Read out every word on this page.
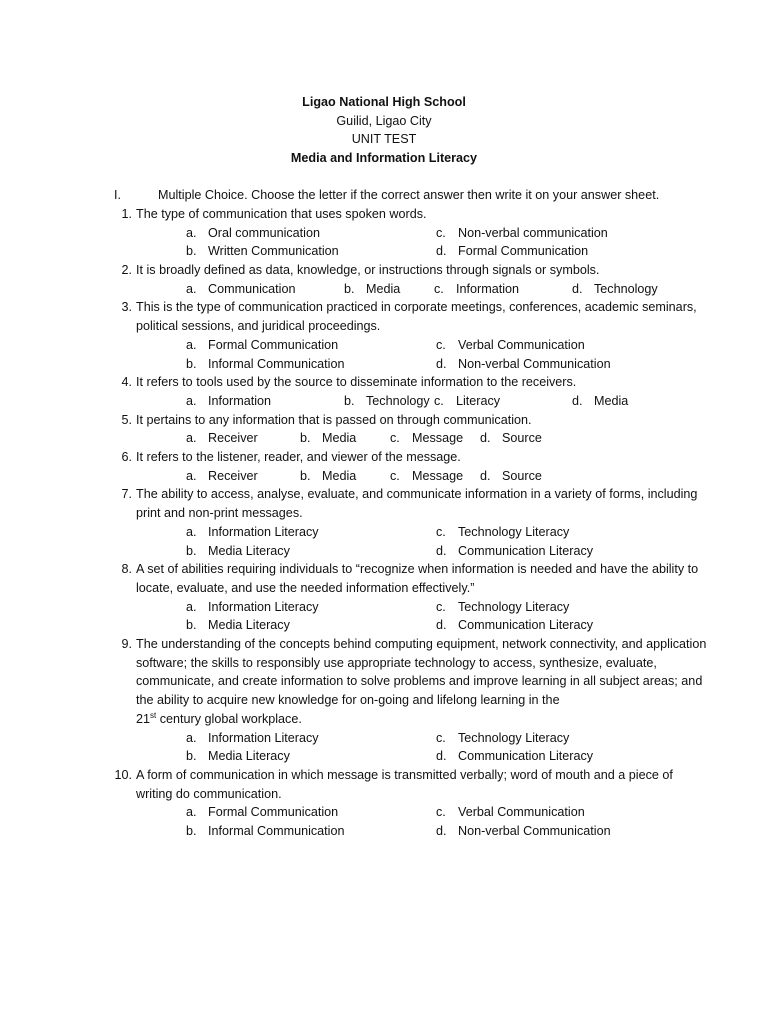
Ligao National High School
Guilid, Ligao City
UNIT TEST
Media and Information Literacy
I.	Multiple Choice. Choose the letter if the correct answer then write it on your answer sheet.
1. The type of communication that uses spoken words.
a. Oral communication	c. Non-verbal communication
b. Written Communication	d. Formal Communication
2. It is broadly defined as data, knowledge, or instructions through signals or symbols.
a. Communication	b. Media	c. Information	d. Technology
3. This is the type of communication practiced in corporate meetings, conferences, academic seminars, political sessions, and juridical proceedings.
a. Formal Communication	c. Verbal Communication
b. Informal Communication	d. Non-verbal Communication
4. It refers to tools used by the source to disseminate information to the receivers.
a. Information	b. Technology c. Literacy	d. Media
5. It pertains to any information that is passed on through communication.
a. Receiver	b. Media	c. Message d. Source
6. It refers to the listener, reader, and viewer of the message.
a. Receiver	b. Media	c. Message d. Source
7. The ability to access, analyse, evaluate, and communicate information in a variety of forms, including print and non-print messages.
a. Information Literacy	c. Technology Literacy
b. Media Literacy	d. Communication Literacy
8. A set of abilities requiring individuals to “recognize when information is needed and have the ability to locate, evaluate, and use the needed information effectively.”
a. Information Literacy	c. Technology Literacy
b. Media Literacy	d. Communication Literacy
9. The understanding of the concepts behind computing equipment, network connectivity, and application software; the skills to responsibly use appropriate technology to access, synthesize, evaluate, communicate, and create information to solve problems and improve learning in all subject areas; and the ability to acquire new knowledge for on-going and lifelong learning in the
21st century global workplace.
a. Information Literacy	c. Technology Literacy
b. Media Literacy	d. Communication Literacy
10. A form of communication in which message is transmitted verbally; word of mouth and a piece of writing do communication.
a. Formal Communication	c. Verbal Communication
b. Informal Communication	d. Non-verbal Communication
